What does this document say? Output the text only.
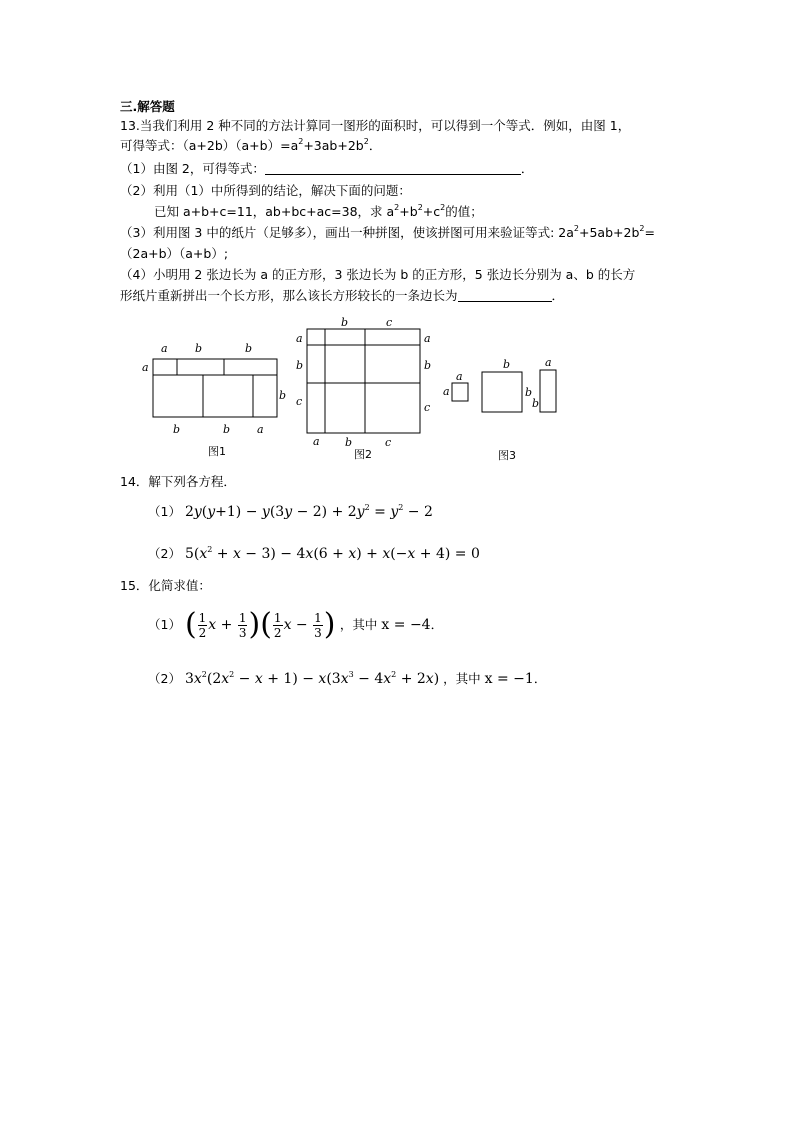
三.解答题
13.当我们利用 2 种不同的方法计算同一图形的面积时，可以得到一个等式．例如，由图 1，
可得等式：$(a+2b)(a+b)=a^2+3ab+2b^2$．
（1）由图 2，可得等式：	．
（2）利用（1）中所得到的结论，解决下面的问题：
已知 a+b+c=11，ab+bc+ac=38，求 $a^2+b^2+c^2$的值；
（3）利用图 3 中的纸片（足够多），画出一种拼图，使该拼图可用来验证等式: $2a^2+5ab+2b^2=$
（2a+b）（a+b）;
（4）小明用 2 张边长为 a 的正方形，3 张边长为 b 的正方形，5 张边长分别为 a、b 的长方
形纸片重新拼出一个长方形，那么该长方形较长的一条边长为	．
a b	b
a
b
b	b a
图1
b	c
a
b
c
a
b
c
a b	c
图2
a
a
b
b
a
b
图3
14．解下列各方程．
（1） $2y(y+1) - y(3y - 2) + 2y^2 = y^2 - 2$
（2） $5(x^2 + x - 3) - 4x(6 + x) + x(-x + 4) = 0$
15．化简求值：
（1） ( $\frac{1}{2}$ $x + \frac{1}{3}$ )( $\frac{1}{2}$ $x - \frac{1}{3}$ ) ，其中 x = −4．
（2） $3x^2(2x^2 - x + 1) - x(3x^3 - 4x^2 + 2x)$ ，其中 x = −1．
